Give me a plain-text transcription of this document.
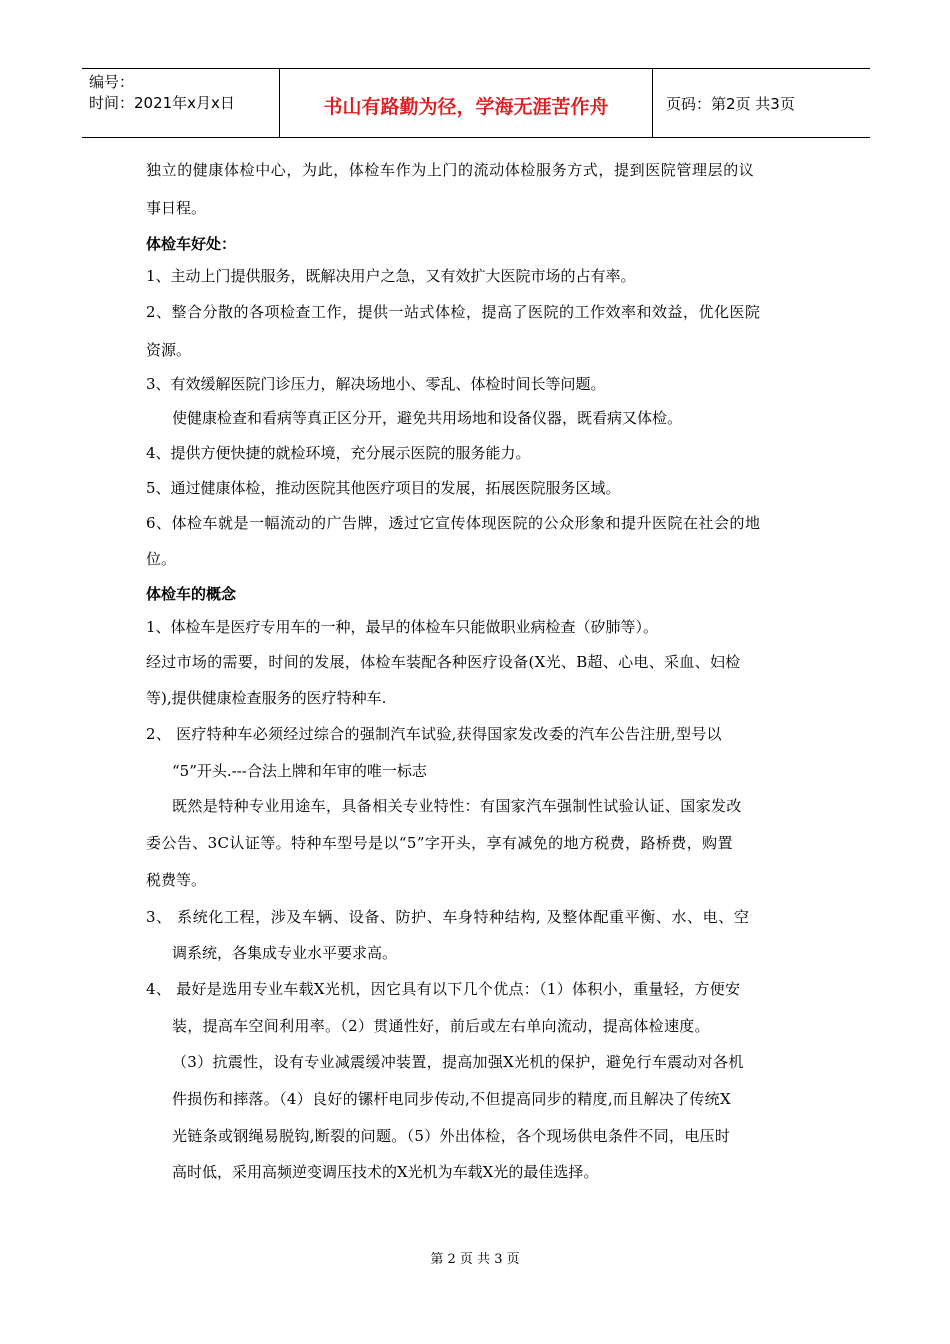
编号：
时间：2021年x月x日	书山有路勤为径，学海无涯苦作舟	页码：第2页 共3页
独立的健康体检中心，为此，体检车作为上门的流动体检服务方式，提到医院管理层的议
事日程。
体检车好处：
1、主动上门提供服务，既解决用户之急，又有效扩大医院市场的占有率。
2、整合分散的各项检查工作，提供一站式体检，提高了医院的工作效率和效益，优化医院
资源。
3、有效缓解医院门诊压力，解决场地小、零乱、体检时间长等问题。
使健康检查和看病等真正区分开，避免共用场地和设备仪器，既看病又体检。
4、提供方便快捷的就检环境，充分展示医院的服务能力。
5、通过健康体检，推动医院其他医疗项目的发展，拓展医院服务区域。
6、体检车就是一幅流动的广告牌，透过它宣传体现医院的公众形象和提升医院在社会的地
位。
体检车的概念
1、体检车是医疗专用车的一种，最早的体检车只能做职业病检查（矽肺等）。
经过市场的需要，时间的发展，体检车装配各种医疗设备(X光、B超、心电、采血、妇检
等),提供健康检查服务的医疗特种车.
2、 医疗特种车必须经过综合的强制汽车试验,获得国家发改委的汽车公告注册,型号以
“5”开头.---合法上牌和年审的唯一标志
既然是特种专业用途车，具备相关专业特性：有国家汽车强制性试验认证、国家发改
委公告、3C认证等。特种车型号是以“5”字开头，享有减免的地方税费，路桥费，购置
税费等。
3、 系统化工程，涉及车辆、设备、防护、车身特种结构, 及整体配重平衡、水、电、空
调系统，各集成专业水平要求高。
4、 最好是选用专业车载X光机，因它具有以下几个优点：（1）体积小，重量轻，方便安
装，提高车空间利用率。（2）贯通性好，前后或左右单向流动，提高体检速度。
（3）抗震性，设有专业减震缓冲装置，提高加强X光机的保护，避免行车震动对各机
件损伤和摔落。（4）良好的镙杆电同步传动,不但提高同步的精度,而且解决了传统X
光链条或钢绳易脱钩,断裂的问题。（5）外出体检，各个现场供电条件不同，电压时
高时低，采用高频逆变调压技术的X光机为车载X光的最佳选择。
第 2 页 共 3 页
